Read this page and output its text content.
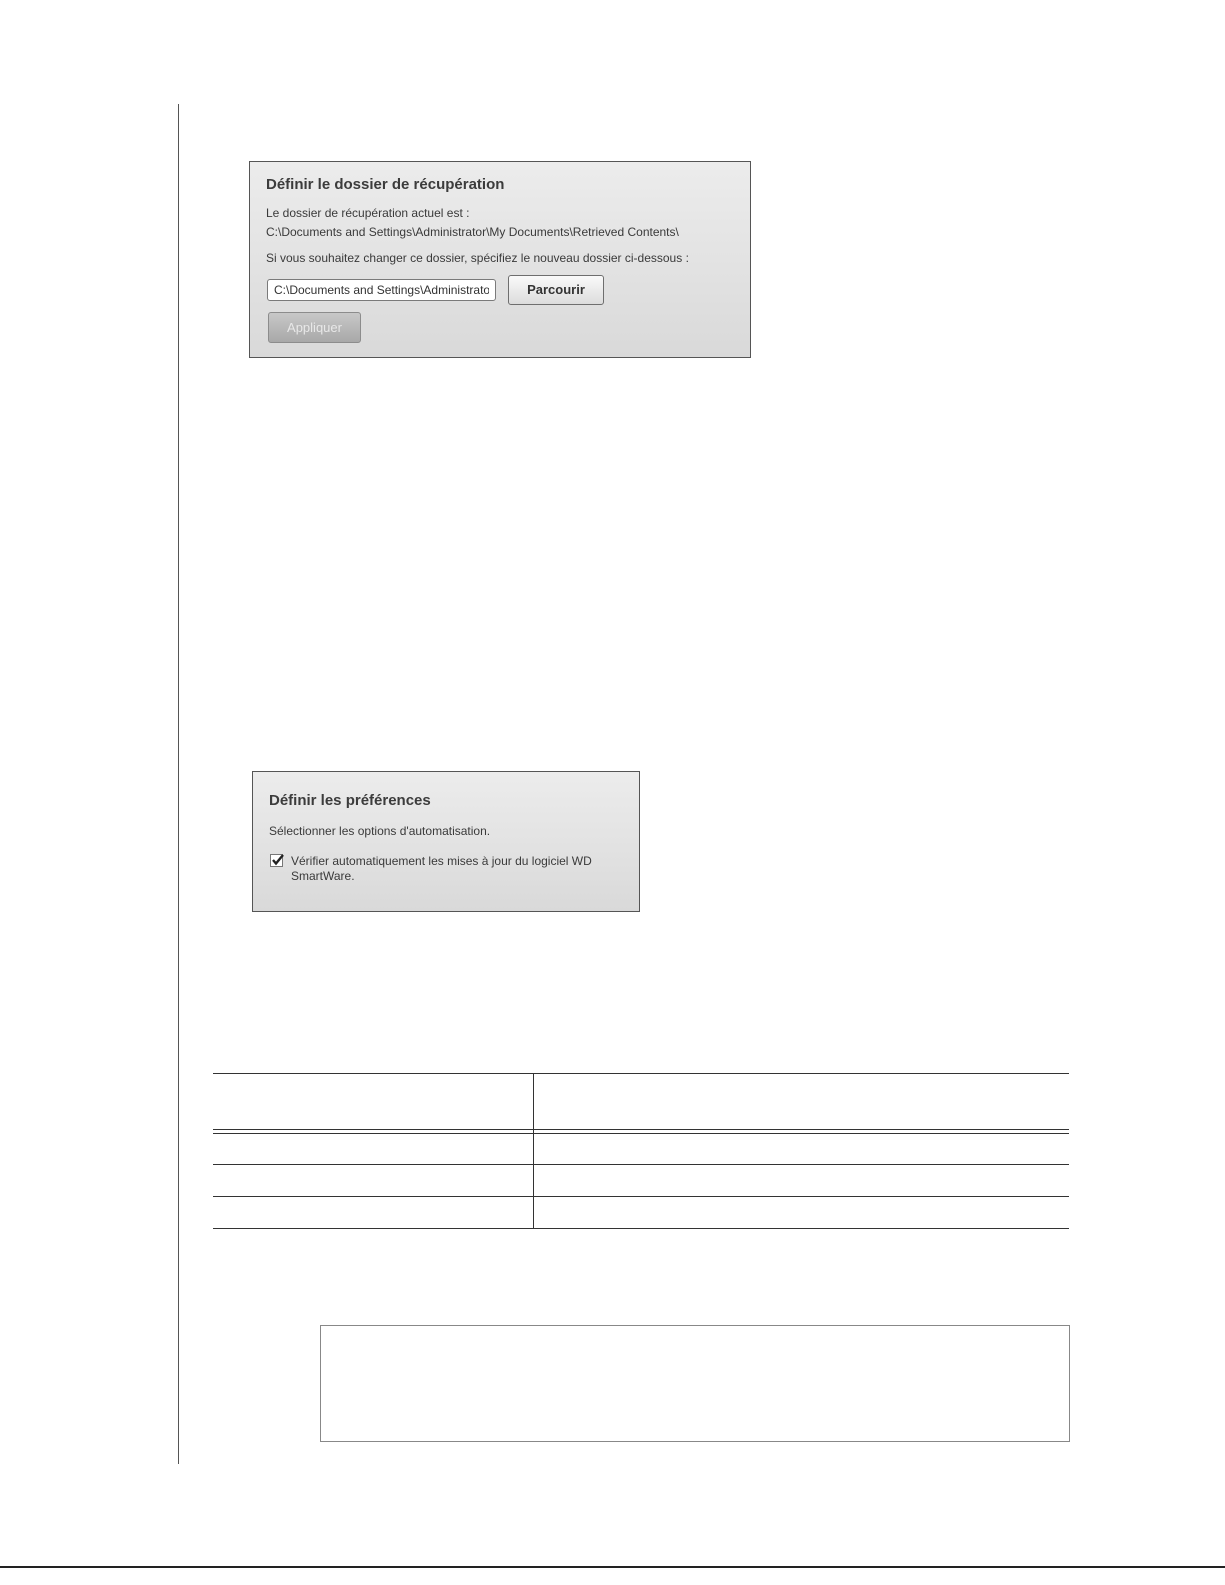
Définir le dossier de récupération
Le dossier de récupération actuel est :
C:\Documents and Settings\Administrator\My Documents\Retrieved Contents\
Si vous souhaitez changer ce dossier, spécifiez le nouveau dossier ci-dessous :
C:\Documents and Settings\Administrator\My Documents\Retrieved Contents\
Parcourir
Appliquer
Définir les préférences
Sélectionner les options d'automatisation.
Vérifier automatiquement les mises à jour du logiciel WD
SmartWare.
